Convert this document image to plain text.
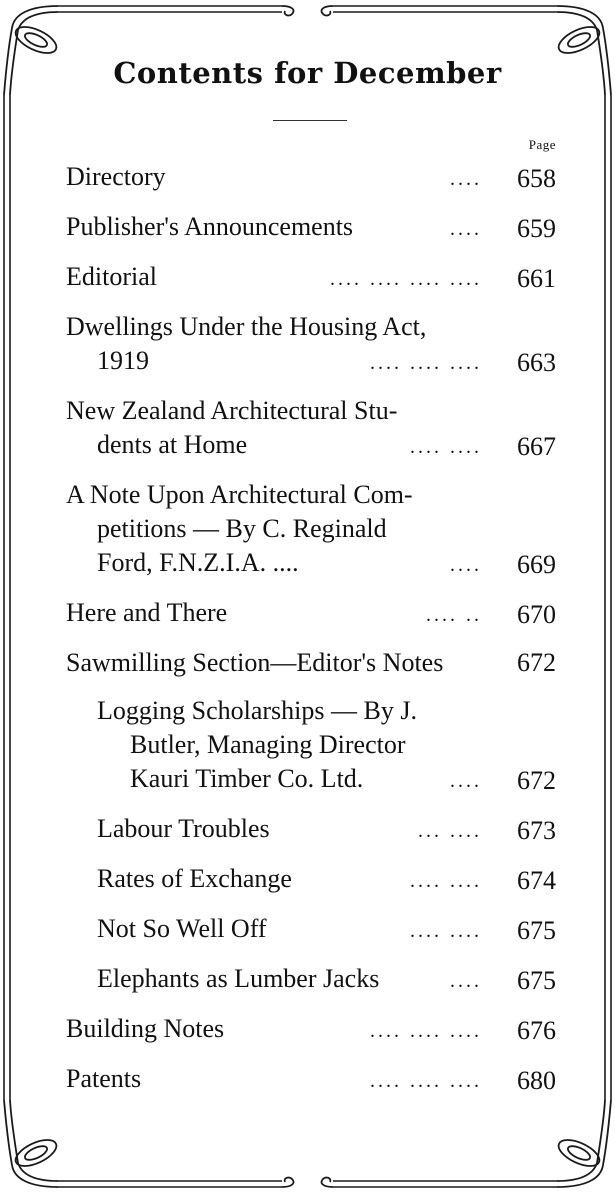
Contents for December
Page
Directory	....	658
Publisher's Announcements	....	659
Editorial	.... .... .... ....	661
Dwellings Under the Housing Act,
1919	.... .... ....	663
New Zealand Architectural Stu-
dents at Home	.... ....	667
A Note Upon Architectural Com-
petitions — By C. Reginald
Ford, F.N.Z.I.A. ....	....	669
Here and There	.... ..	670
Sawmilling Section—Editor's Notes	672
Logging Scholarships — By J.
Butler, Managing Director
Kauri Timber Co. Ltd.	....	672
Labour Troubles	... ....	673
Rates of Exchange	.... ....	674
Not So Well Off	.... ....	675
Elephants as Lumber Jacks	....	675
Building Notes	.... .... ....	676
Patents	.... .... ....	680
